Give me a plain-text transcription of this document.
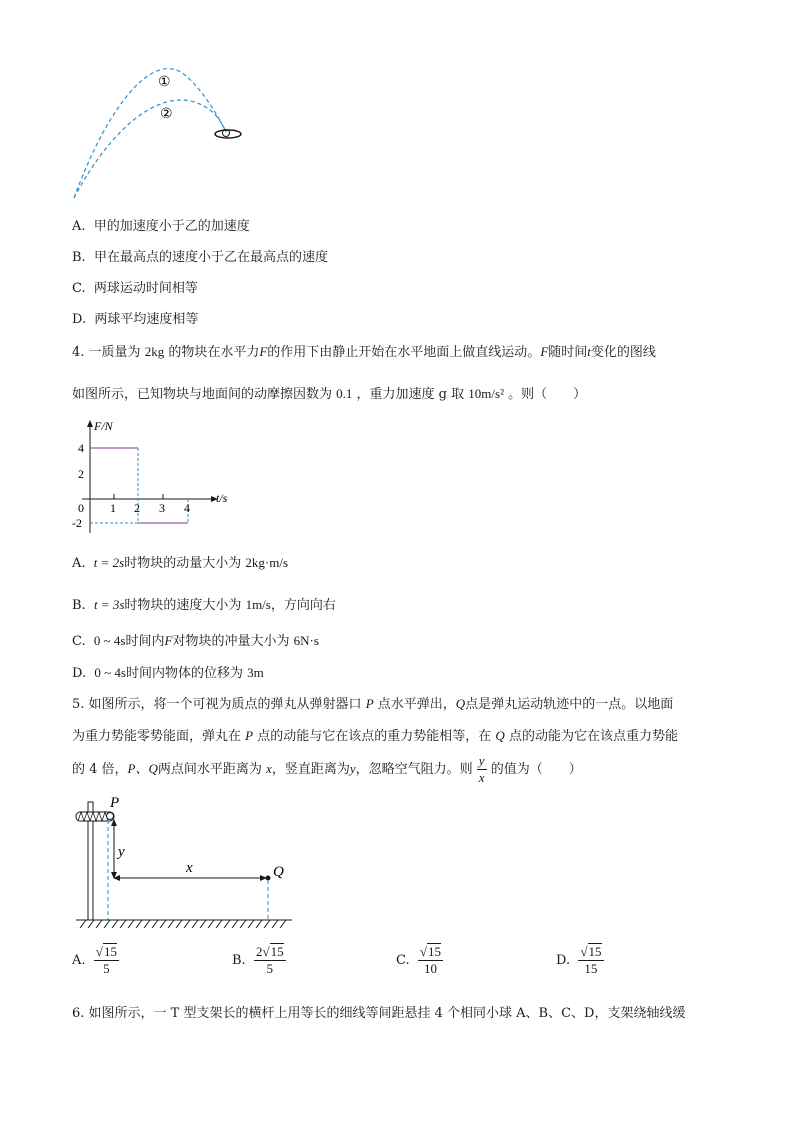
①
②
A. 甲的加速度小于乙的加速度
B. 甲在最高点的速度小于乙在最高点的速度
C. 两球运动时间相等
D. 两球平均速度相等
4. 一质量为 2kg 的物块在水平力F的作用下由静止开始在水平地面上做直线运动。F随时间t变化的图线
如图所示，已知物块与地面间的动摩擦因数为 0.1 ，重力加速度 g 取 10m/s² 。则（　　）
F/N
t/s
4
2
0
-2
1 2 3 4
A. t = 2s时物块的动量大小为 2kg·m/s
B. t = 3s时物块的速度大小为 1m/s，方向向右
C. 0 ~ 4s时间内F对物块的冲量大小为 6N·s
D. 0 ~ 4s时间内物体的位移为 3m
5. 如图所示，将一个可视为质点的弹丸从弹射器口 P 点水平弹出，Q点是弹丸运动轨迹中的一点。以地面
为重力势能零势能面，弹丸在 P 点的动能与它在该点的重力势能相等，在 Q 点的动能为它在该点重力势能
的 4 倍，P、Q两点间水平距离为 x，竖直距离为y，忽略空气阻力。则 $\frac{y}{x}$ 的值为（　　）
P
y
x	Q
A. $\frac{√15}{5}$	B. $\frac{2√15}{5}$	C. $\frac{√15}{10}$	D. $\frac{√15}{15}$
6. 如图所示，一 T 型支架长的横杆上用等长的细线等间距悬挂 4 个相同小球 A、B、C、D，支架绕轴线缓
